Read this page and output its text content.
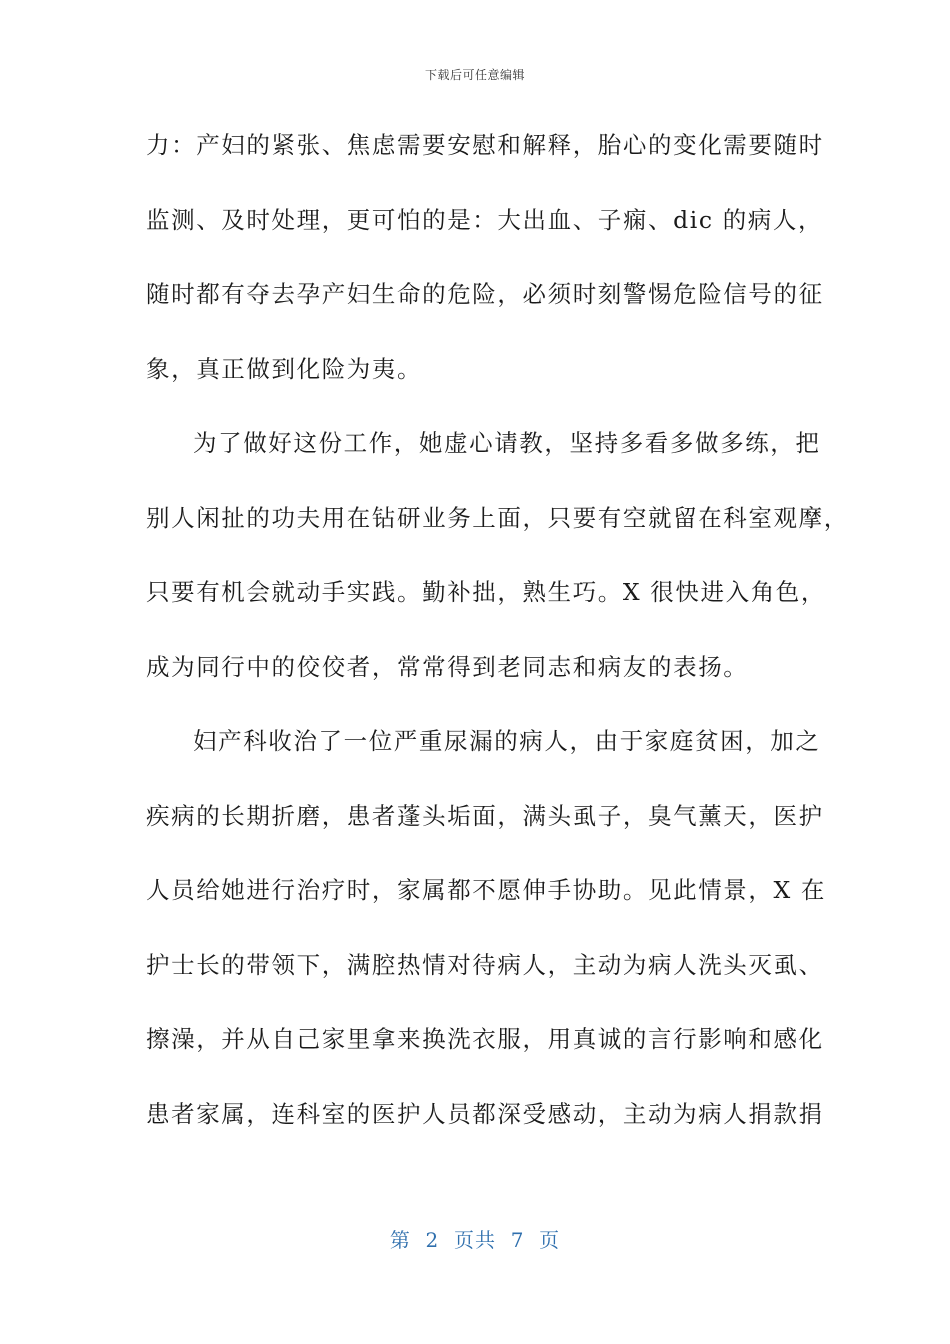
下载后可任意编辑
力：产妇的紧张、焦虑需要安慰和解释，胎心的变化需要随时
监测、及时处理，更可怕的是：大出血、子痫、dic 的病人，
随时都有夺去孕产妇生命的危险，必须时刻警惕危险信号的征
象，真正做到化险为夷。
为了做好这份工作，她虚心请教，坚持多看多做多练，把
别人闲扯的功夫用在钻研业务上面，只要有空就留在科室观摩，
只要有机会就动手实践。勤补拙，熟生巧。X 很快进入角色，
成为同行中的佼佼者，常常得到老同志和病友的表扬。
妇产科收治了一位严重尿漏的病人，由于家庭贫困，加之
疾病的长期折磨，患者蓬头垢面，满头虱子，臭气薰天，医护
人员给她进行治疗时，家属都不愿伸手协助。见此情景，X 在
护士长的带领下，满腔热情对待病人，主动为病人洗头灭虱、
擦澡，并从自己家里拿来换洗衣服，用真诚的言行影响和感化
患者家属，连科室的医护人员都深受感动，主动为病人捐款捐
第  2  页共  7  页
